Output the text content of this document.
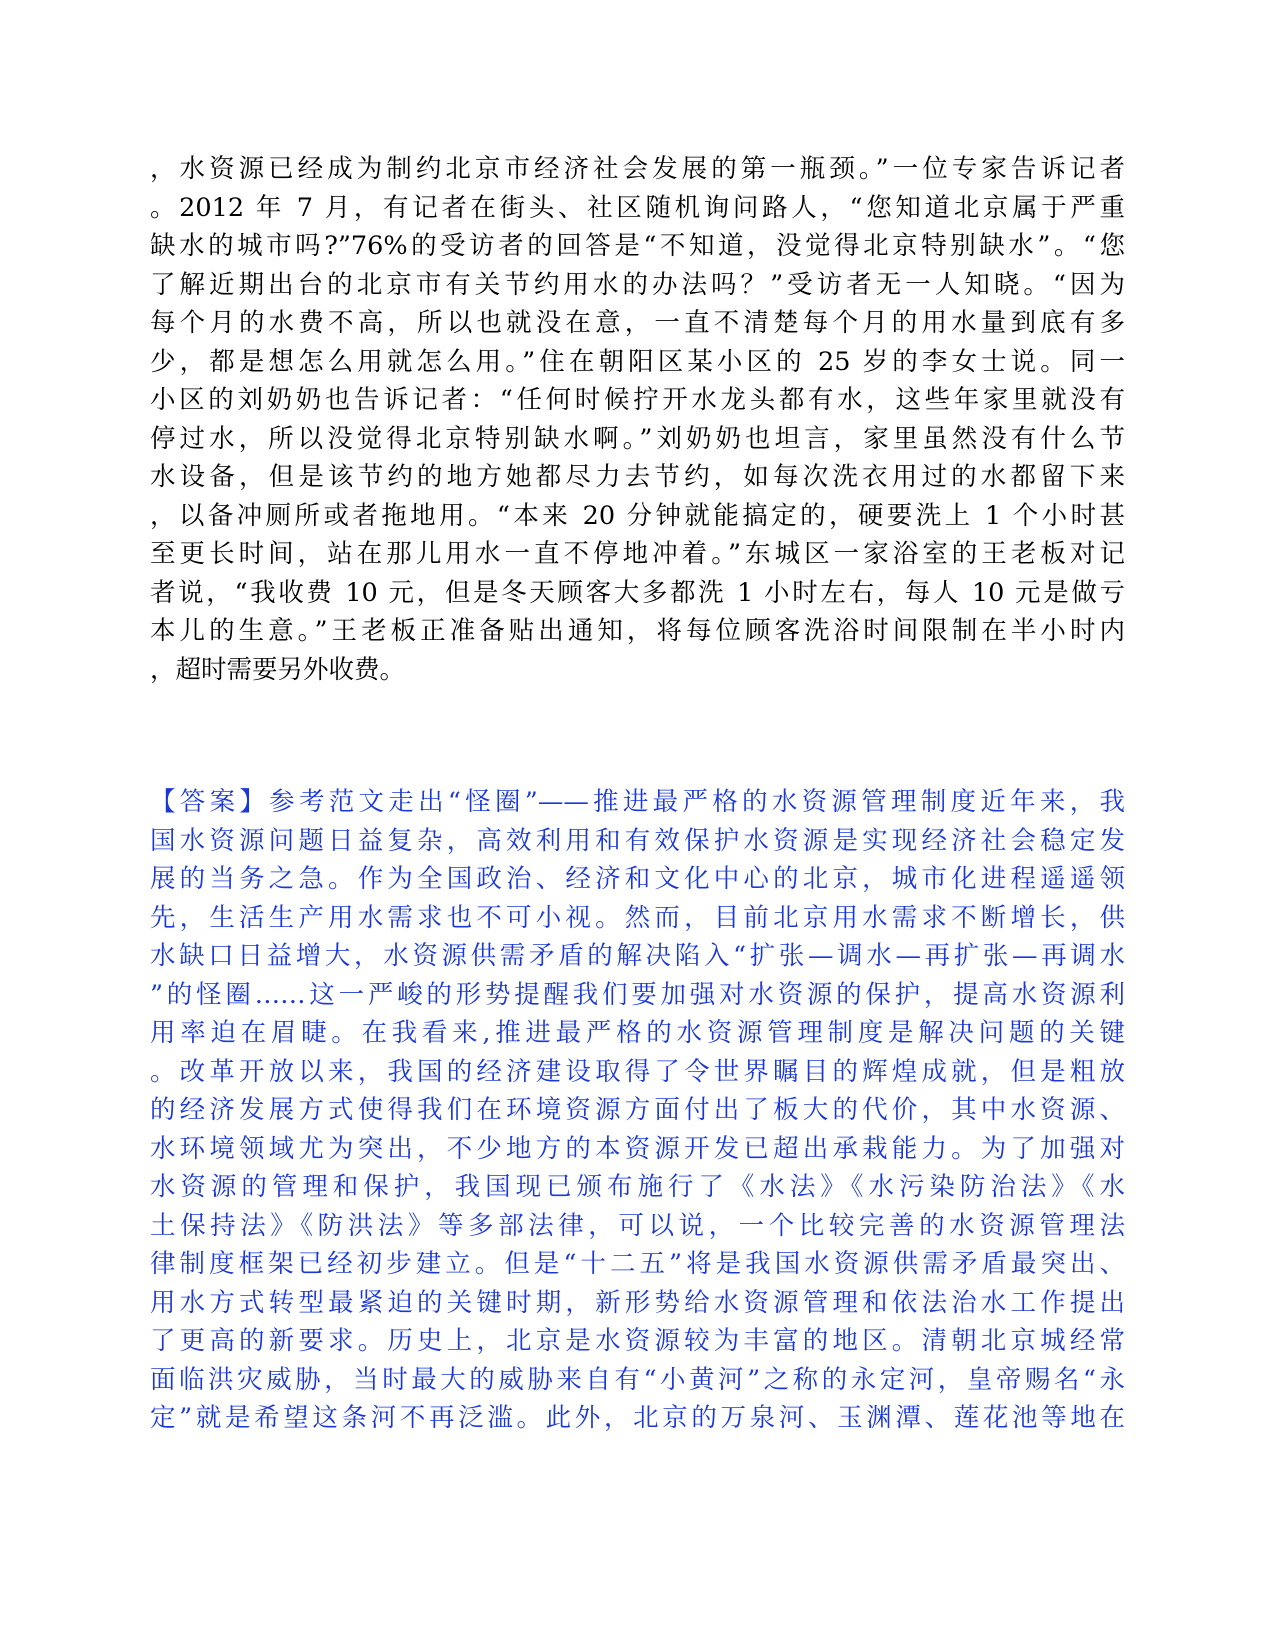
，水资源已经成为制约北京市经济社会发展的第一瓶颈。”一位专家告诉记者
。2012 年 7 月，有记者在街头、社区随机询问路人，“您知道北京属于严重
缺水的城市吗?”76%的受访者的回答是“不知道，没觉得北京特别缺水”。“您
了解近期出台的北京市有关节约用水的办法吗？”受访者无一人知晓。“因为
每个月的水费不高，所以也就没在意，一直不清楚每个月的用水量到底有多
少，都是想怎么用就怎么用。”住在朝阳区某小区的 25 岁的李女士说。同一
小区的刘奶奶也告诉记者：“任何时候拧开水龙头都有水，这些年家里就没有
停过水，所以没觉得北京特别缺水啊。”刘奶奶也坦言，家里虽然没有什么节
水设备，但是该节约的地方她都尽力去节约，如每次洗衣用过的水都留下来
，以备冲厕所或者拖地用。“本来 20 分钟就能搞定的，硬要洗上 1 个小时甚
至更长时间，站在那儿用水一直不停地冲着。”东城区一家浴室的王老板对记
者说，“我收费 10 元，但是冬天顾客大多都洗 1 小时左右，每人 10 元是做亏
本儿的生意。”王老板正准备贴出通知，将每位顾客洗浴时间限制在半小时内
，超时需要另外收费。
【答案】参考范文走出“怪圈”——推进最严格的水资源管理制度近年来，我
国水资源问题日益复杂，高效利用和有效保护水资源是实现经济社会稳定发
展的当务之急。作为全国政治、经济和文化中心的北京，城市化进程遥遥领
先，生活生产用水需求也不可小视。然而，目前北京用水需求不断增长，供
水缺口日益增大，水资源供需矛盾的解决陷入“扩张—调水—再扩张—再调水
”的怪圈……这一严峻的形势提醒我们要加强对水资源的保护，提高水资源利
用率迫在眉睫。在我看来,推进最严格的水资源管理制度是解决问题的关键
。改革开放以来，我国的经济建设取得了令世界瞩目的辉煌成就，但是粗放
的经济发展方式使得我们在环境资源方面付出了板大的代价，其中水资源、
水环境领域尤为突出，不少地方的本资源开发已超出承栽能力。为了加强对
水资源的管理和保护，我国现已颁布施行了《水法》《水污染防治法》《水
土保持法》《防洪法》等多部法律，可以说，一个比较完善的水资源管理法
律制度框架已经初步建立。但是“十二五”将是我国水资源供需矛盾最突出、
用水方式转型最紧迫的关键时期，新形势给水资源管理和依法治水工作提出
了更高的新要求。历史上，北京是水资源较为丰富的地区。清朝北京城经常
面临洪灾威胁，当时最大的威胁来自有“小黄河”之称的永定河，皇帝赐名“永
定”就是希望这条河不再泛滥。此外，北京的万泉河、玉渊潭、莲花池等地在
